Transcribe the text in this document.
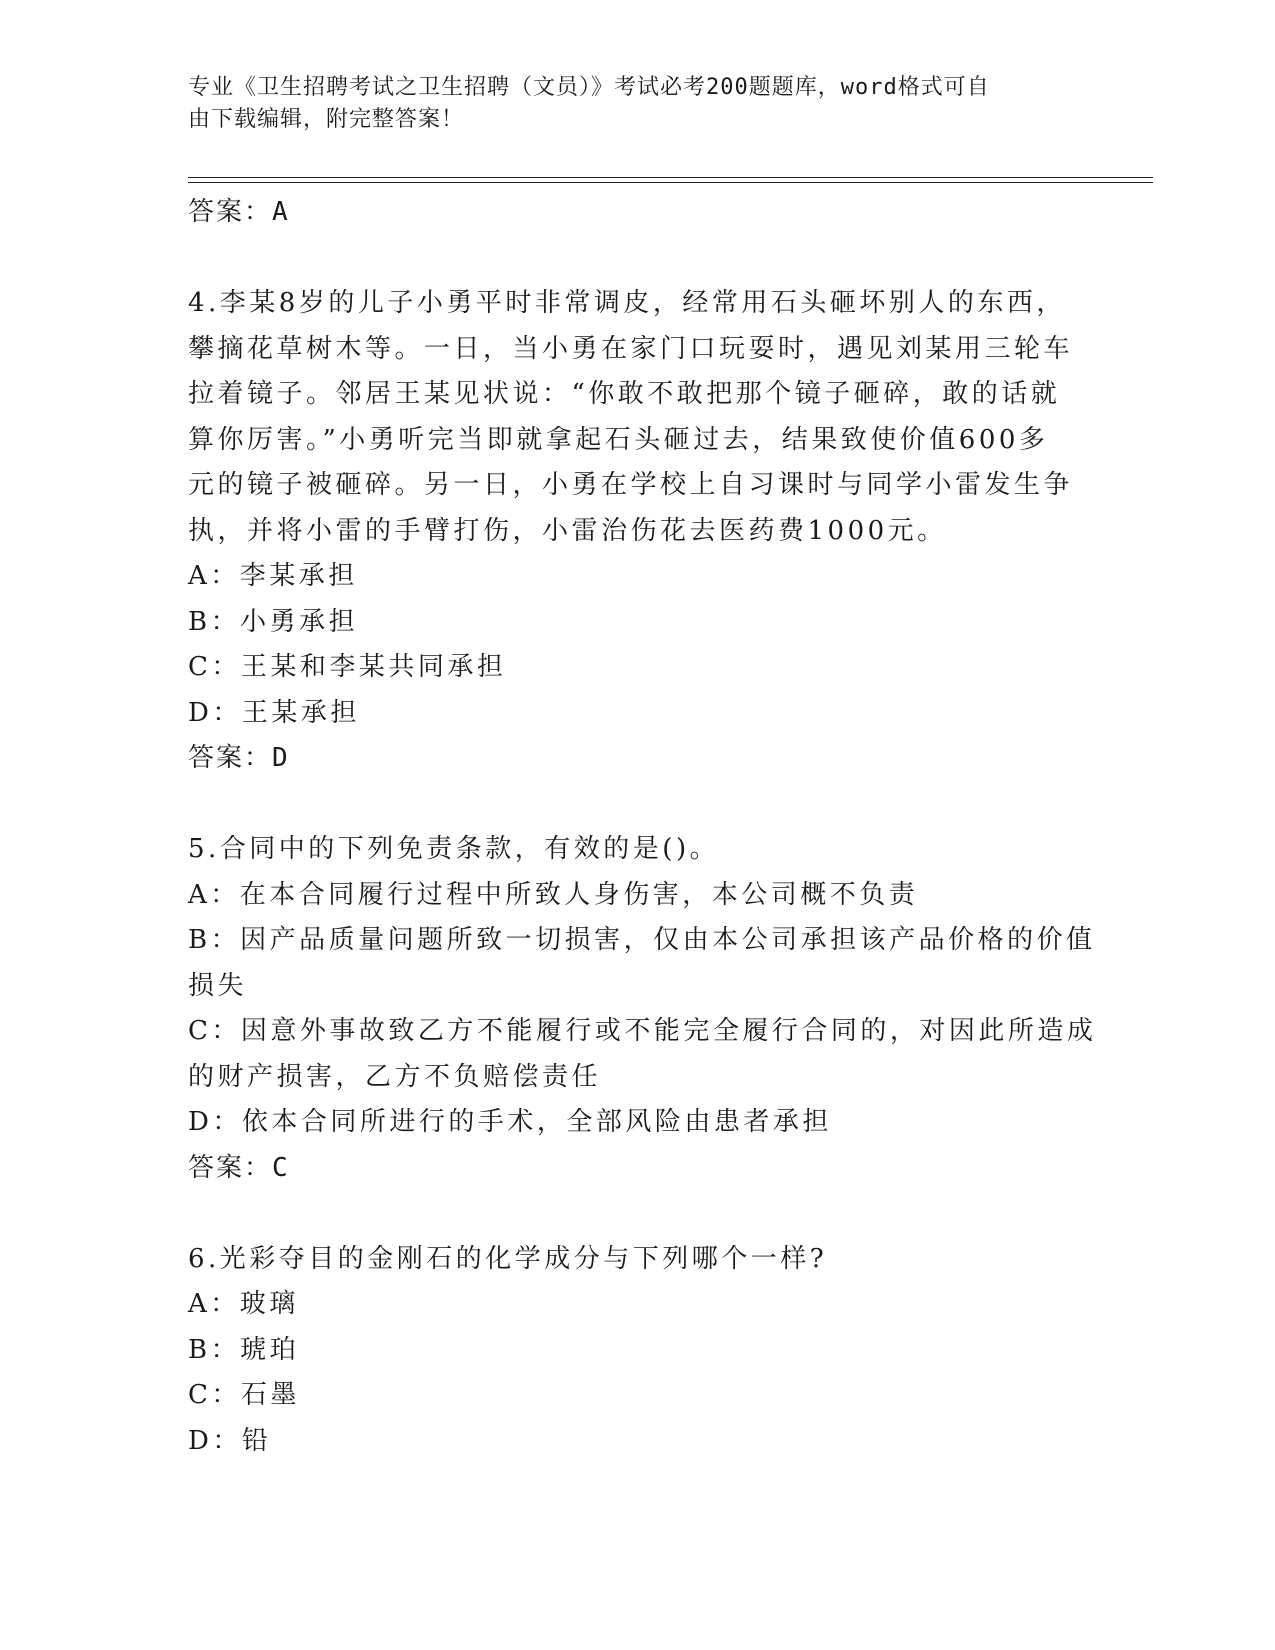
专业《卫生招聘考试之卫生招聘（文员）》考试必考200题题库，word格式可自
由下载编辑，附完整答案！
答案：A
4.李某8岁的儿子小勇平时非常调皮，经常用石头砸坏别人的东西，
攀摘花草树木等。一日，当小勇在家门口玩耍时，遇见刘某用三轮车
拉着镜子。邻居王某见状说：“你敢不敢把那个镜子砸碎，敢的话就
算你厉害。”小勇听完当即就拿起石头砸过去，结果致使价值600多
元的镜子被砸碎。另一日，小勇在学校上自习课时与同学小雷发生争
执，并将小雷的手臂打伤，小雷治伤花去医药费1000元。
A：李某承担
B：小勇承担
C：王某和李某共同承担
D：王某承担
答案：D
5.合同中的下列免责条款，有效的是()。
A：在本合同履行过程中所致人身伤害，本公司概不负责
B：因产品质量问题所致一切损害，仅由本公司承担该产品价格的价值
损失
C：因意外事故致乙方不能履行或不能完全履行合同的，对因此所造成
的财产损害，乙方不负赔偿责任
D：依本合同所进行的手术，全部风险由患者承担
答案：C
6.光彩夺目的金刚石的化学成分与下列哪个一样?
A：玻璃
B：琥珀
C：石墨
D：铅
